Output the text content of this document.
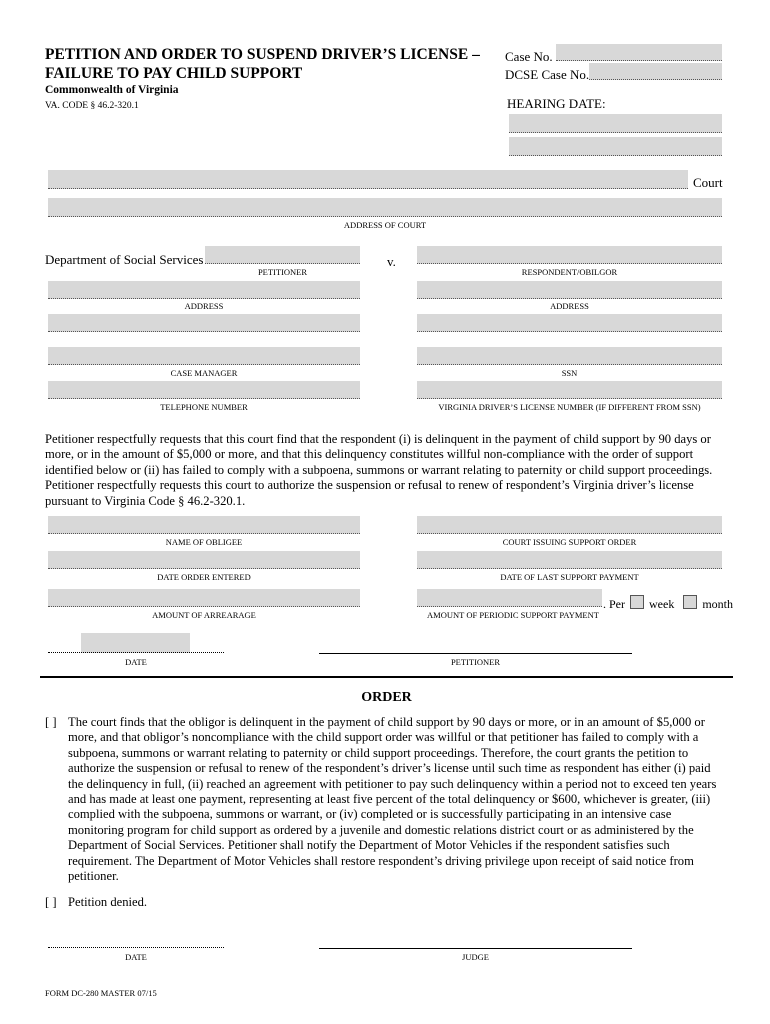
PETITION AND ORDER TO SUSPEND DRIVER’S LICENSE –
FAILURE TO PAY CHILD SUPPORT
Commonwealth of Virginia
VA. CODE § 46.2-320.1
Case No.
DCSE Case No.
HEARING DATE:
Court
ADDRESS OF COURT
Department of Social Services
PETITIONER
v.
RESPONDENT/OBILGOR
ADDRESS	ADDRESS
CASE MANAGER	SSN
TELEPHONE NUMBER	VIRGINIA DRIVER’S LICENSE NUMBER (IF DIFFERENT FROM SSN)
Petitioner respectfully requests that this court find that the respondent (i) is delinquent in the payment of child support by 90 days or more, or in the amount of $5,000 or more, and that this delinquency constitutes willful non-compliance with the order of support identified below or (ii) has failed to comply with a subpoena, summons or warrant relating to paternity or child support proceedings. Petitioner respectfully requests this court to authorize the suspension or refusal to renew of respondent’s Virginia driver’s license pursuant to Virginia Code § 46.2-320.1.
NAME OF OBLIGEE	COURT ISSUING SUPPORT ORDER
DATE ORDER ENTERED	DATE OF LAST SUPPORT PAYMENT
AMOUNT OF ARREARAGE	AMOUNT OF PERIODIC SUPPORT PAYMENT
. Per week month
DATE	PETITIONER
ORDER
[ ] The court finds that the obligor is delinquent in the payment of child support by 90 days or more, or in an amount of $5,000 or more, and that obligor’s noncompliance with the child support order was willful or that petitioner has failed to comply with a subpoena, summons or warrant relating to paternity or child support proceedings. Therefore, the court grants the petition to authorize the suspension or refusal to renew of the respondent’s driver’s license until such time as respondent has either (i) paid the delinquency in full, (ii) reached an agreement with petitioner to pay such delinquency within a period not to exceed ten years and has made at least one payment, representing at least five percent of the total delinquency or $600, whichever is greater, (iii) complied with the subpoena, summons or warrant, or (iv) completed or is successfully participating in an intensive case monitoring program for child support as ordered by a juvenile and domestic relations district court or as administered by the Department of Social Services. Petitioner shall notify the Department of Motor Vehicles if the respondent satisfies such requirement. The Department of Motor Vehicles shall restore respondent’s driving privilege upon receipt of said notice from petitioner.
[ ] Petition denied.
DATE	JUDGE
FORM DC-280 MASTER 07/15
